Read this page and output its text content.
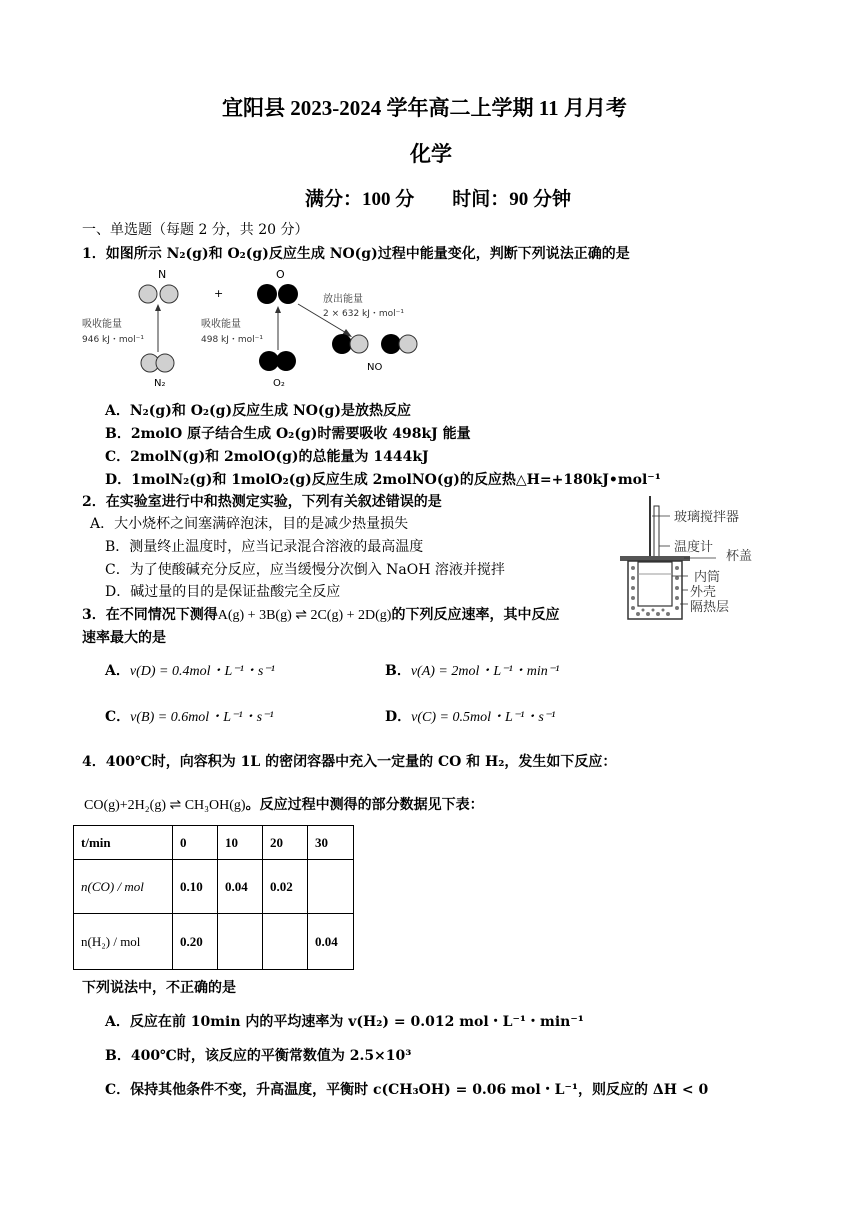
宜阳县 2023-2024 学年高二上学期 11 月月考
化学
满分：100 分　　时间：90 分钟
一、单选题（每题 2 分，共 20 分）
1．如图所示 N₂(g)和 O₂(g)反应生成 NO(g)过程中能量变化，判断下列说法正确的是
N
+
O
放出能量
2 × 632 kJ・mol⁻¹
吸收能量
946 kJ・mol⁻¹
吸收能量
498 kJ・mol⁻¹
N₂	O₂
NO
A．N₂(g)和 O₂(g)反应生成 NO(g)是放热反应
B．2molO 原子结合生成 O₂(g)时需要吸收 498kJ 能量
C．2molN(g)和 2molO(g)的总能量为 1444kJ
D．1molN₂(g)和 1molO₂(g)反应生成 2molNO(g)的反应热△H=+180kJ•mol⁻¹
2．在实验室进行中和热测定实验，下列有关叙述错误的是
A．大小烧杯之间塞满碎泡沫，目的是减少热量损失
B．测量终止温度时，应当记录混合溶液的最高温度
C．为了使酸碱充分反应，应当缓慢分次倒入 NaOH 溶液并搅拌
D．碱过量的目的是保证盐酸完全反应
玻璃搅拌器
温度计
杯盖
内筒
外壳
隔热层
3．在不同情况下测得A(g) + 3B(g) ⇌ 2C(g) + 2D(g)的下列反应速率，其中反应
速率最大的是
A．v(D) = 0.4mol・L⁻¹・s⁻¹	B．v(A) = 2mol・L⁻¹・min⁻¹
C．v(B) = 0.6mol・L⁻¹・s⁻¹	D．v(C) = 0.5mol・L⁻¹・s⁻¹
4．400℃时，向容积为 1L 的密闭容器中充入一定量的 CO 和 H₂，发生如下反应：
CO(g)+2H₂(g) ⇌ CH₃OH(g)。反应过程中测得的部分数据见下表：
t/min	0	10	20	30
n(CO) / mol	0.10	0.04	0.02	
n(H₂) / mol	0.20			0.04
下列说法中，不正确的是
A．反应在前 10min 内的平均速率为 v(H₂) = 0.012 mol・L⁻¹・min⁻¹
B．400℃时，该反应的平衡常数值为 2.5×10³
C．保持其他条件不变，升高温度，平衡时 c(CH₃OH) = 0.06 mol・L⁻¹，则反应的 ΔH < 0
